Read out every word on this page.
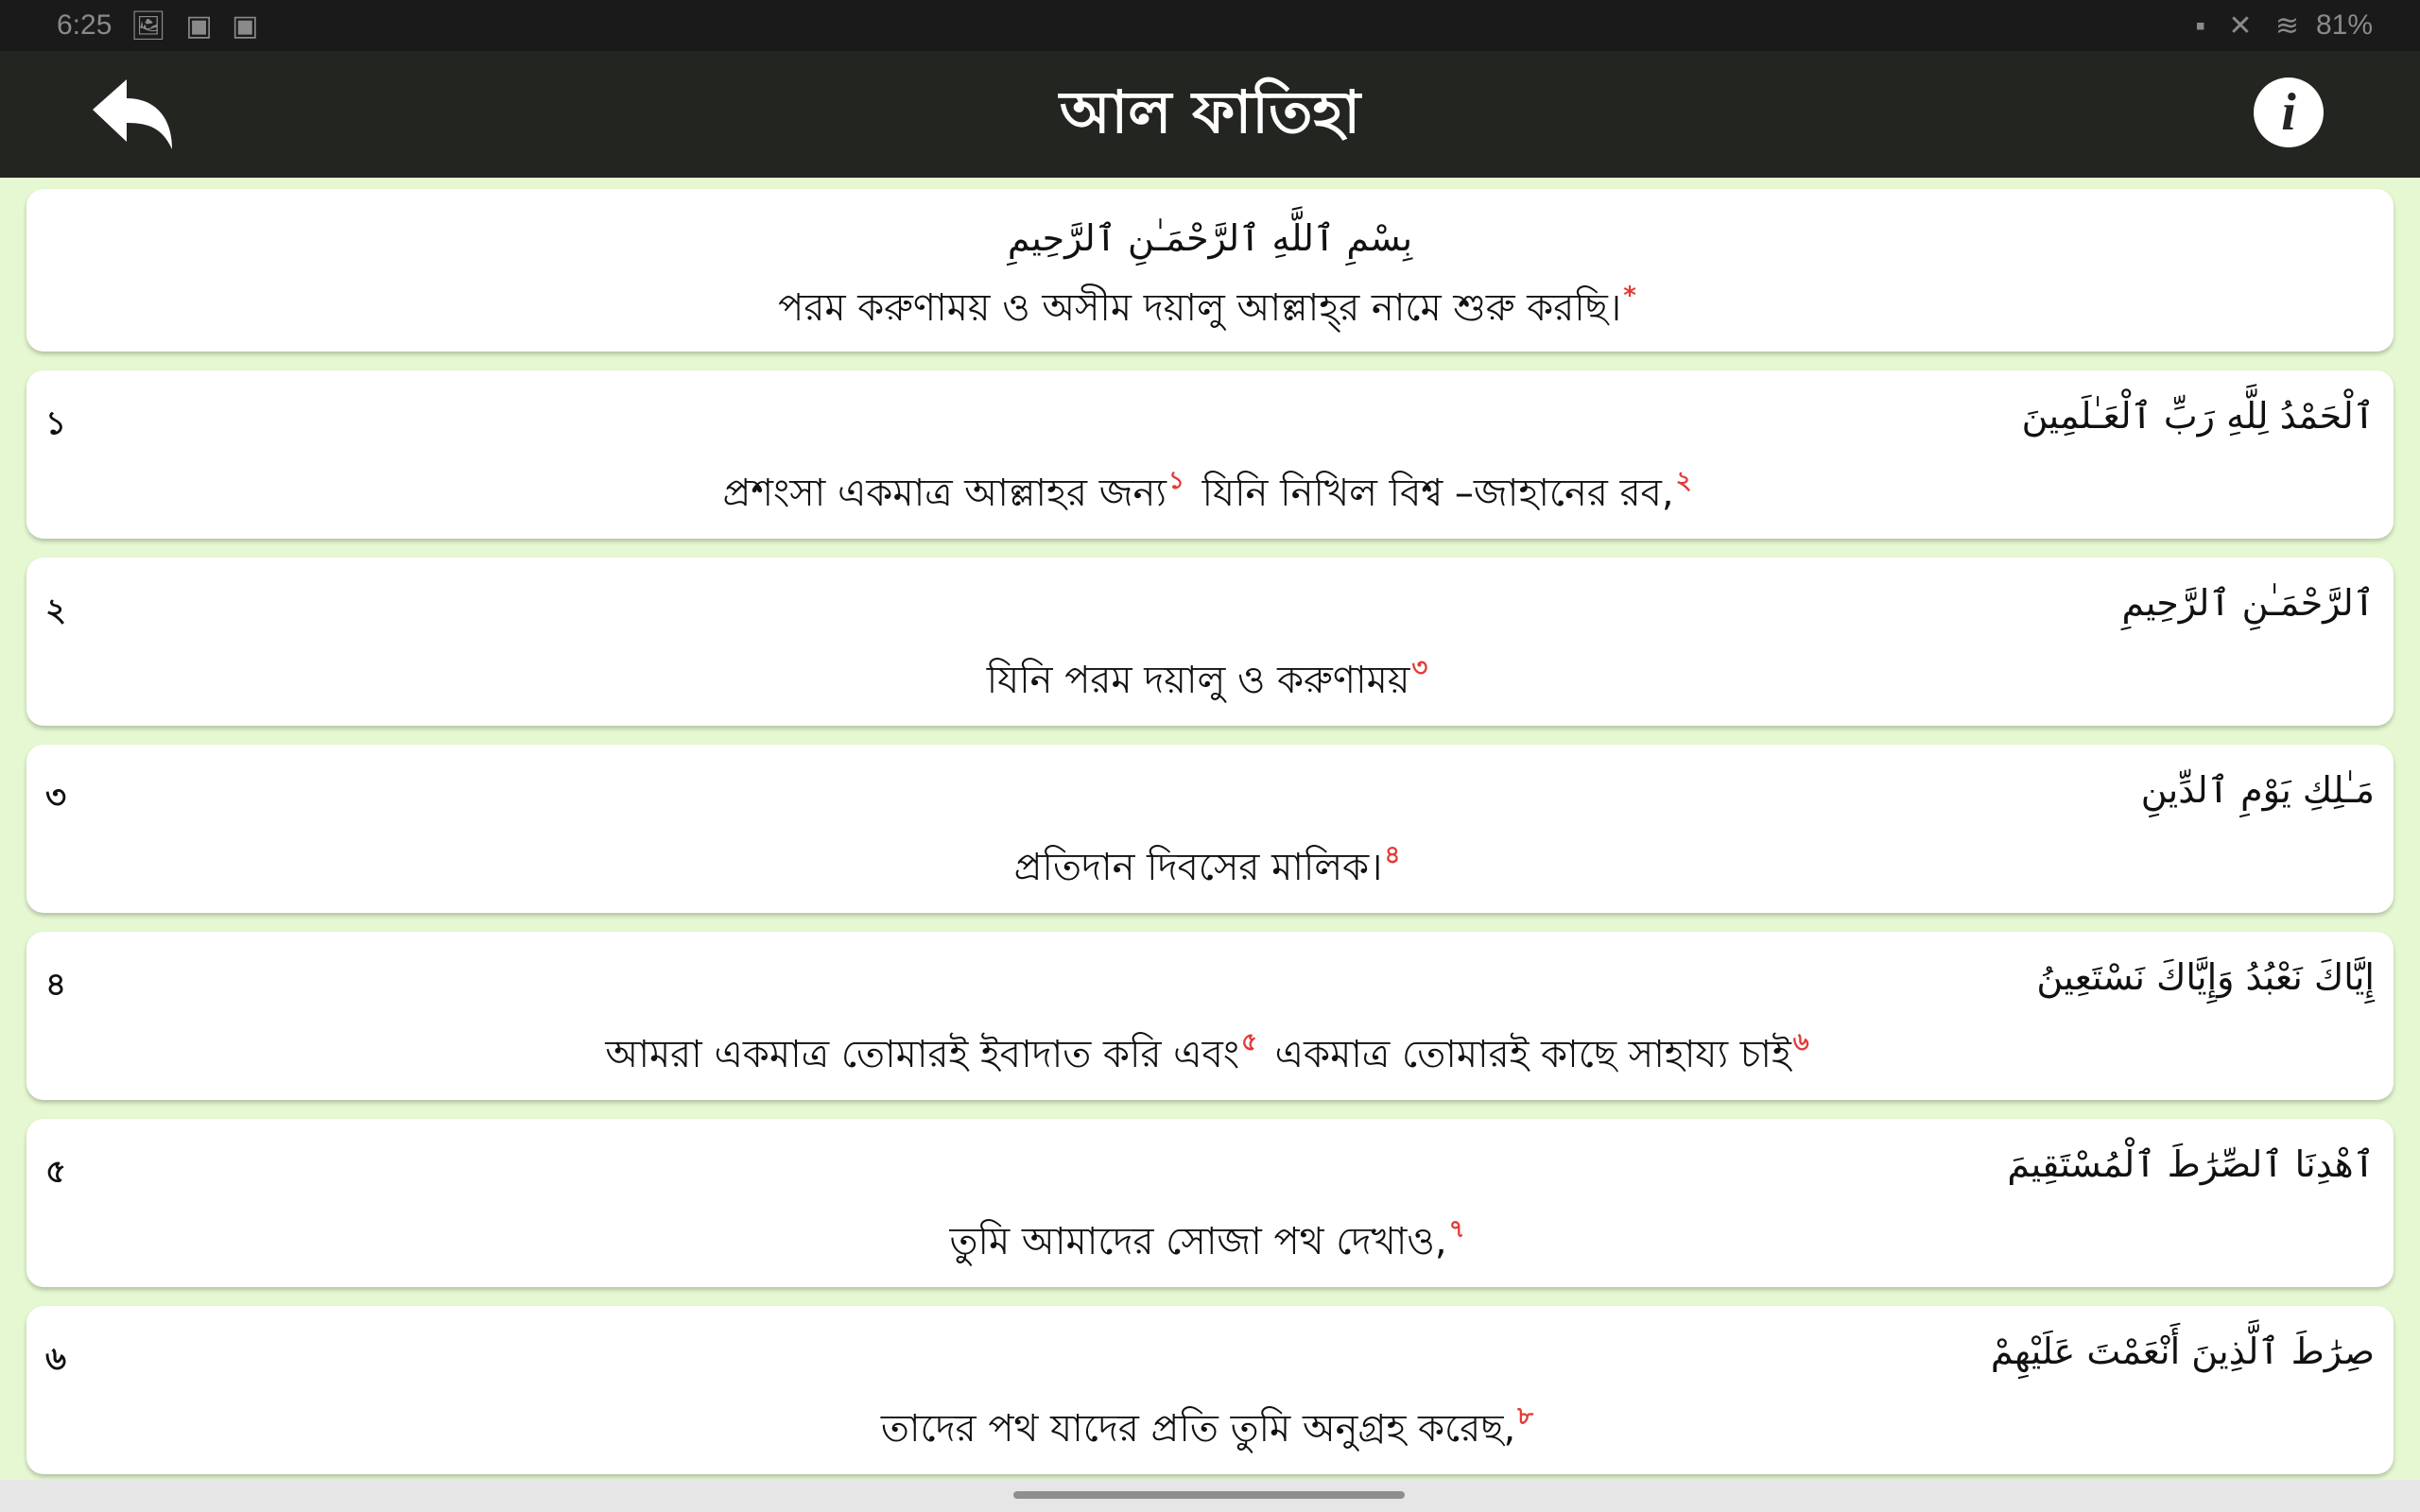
6:25 🖼 ▣ ▣	▪ ✕ ≋ 81%
আল ফাতিহা	i
بِسْمِ ٱللَّهِ ٱلرَّحْمَـٰنِ ٱلرَّحِيمِ
পরম করুণাময় ও অসীম দয়ালু আল্লাহ্‌র নামে শুরু করছি।*
১	ٱلْحَمْدُ لِلَّهِ رَبِّ ٱلْعَـٰلَمِينَ
প্রশংসা একমাত্র আল্লাহর জন্য$^১$ যিনি নিখিল বিশ্ব –জাহানের রব,$^২$
২	ٱلرَّحْمَـٰنِ ٱلرَّحِيمِ
যিনি পরম দয়ালু ও করুণাময়$^৩$
৩	مَـٰلِكِ يَوْمِ ٱلدِّينِ
প্রতিদান দিবসের মালিক।$^৪$
৪	إِيَّاكَ نَعْبُدُ وَإِيَّاكَ نَسْتَعِينُ
আমরা একমাত্র তোমারই ইবাদাত করি এবং$^৫$ একমাত্র তোমারই কাছে সাহায্য চাই$^৬$
৫	ٱهْدِنَا ٱلصِّرَٰطَ ٱلْمُسْتَقِيمَ
তুমি আমাদের সোজা পথ দেখাও,$^৭$
৬	صِرَٰطَ ٱلَّذِينَ أَنْعَمْتَ عَلَيْهِمْ
তাদের পথ যাদের প্রতি তুমি অনুগ্রহ করেছ,$^৮$
